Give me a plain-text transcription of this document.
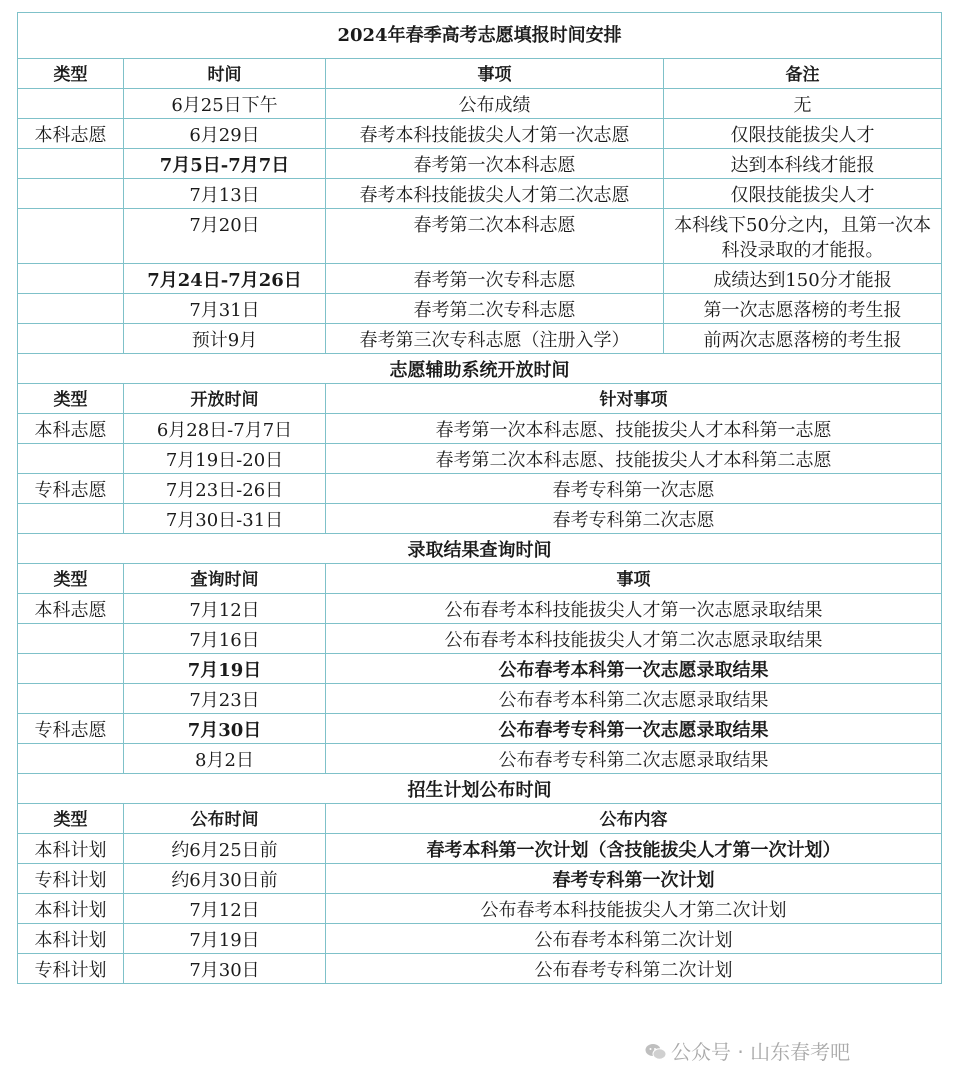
2024年春季高考志愿填报时间安排			
类型	时间	事项	备注
	6月25日下午	公布成绩	无
本科志愿	6月29日	春考本科技能拔尖人才第一次志愿	仅限技能拔尖人才
	7月5日-7月7日	春考第一次本科志愿	达到本科线才能报
	7月13日	春考本科技能拔尖人才第二次志愿	仅限技能拔尖人才
	7月20日	春考第二次本科志愿	本科线下50分之内，且第一次本科没录取的才能报。
	7月24日-7月26日	春考第一次专科志愿	成绩达到150分才能报
	7月31日	春考第二次专科志愿	第一次志愿落榜的考生报
	预计9月	春考第三次专科志愿（注册入学）	前两次志愿落榜的考生报
志愿辅助系统开放时间			
类型	开放时间	针对事项	
本科志愿	6月28日-7月7日	春考第一次本科志愿、技能拔尖人才本科第一志愿	
	7月19日-20日	春考第二次本科志愿、技能拔尖人才本科第二志愿	
专科志愿	7月23日-26日	春考专科第一次志愿	
	7月30日-31日	春考专科第二次志愿	
录取结果查询时间			
类型	查询时间	事项	
本科志愿	7月12日	公布春考本科技能拔尖人才第一次志愿录取结果	
	7月16日	公布春考本科技能拔尖人才第二次志愿录取结果	
	7月19日	公布春考本科第一次志愿录取结果	
	7月23日	公布春考本科第二次志愿录取结果	
专科志愿	7月30日	公布春考专科第一次志愿录取结果	
	8月2日	公布春考专科第二次志愿录取结果	
招生计划公布时间			
类型	公布时间	公布内容	
本科计划	约6月25日前	春考本科第一次计划（含技能拔尖人才第一次计划）	
专科计划	约6月30日前	春考专科第一次计划	
本科计划	7月12日	公布春考本科技能拔尖人才第二次计划	
本科计划	7月19日	公布春考本科第二次计划	
专科计划	7月30日	公布春考专科第二次计划	
公众号 · 山东春考吧
